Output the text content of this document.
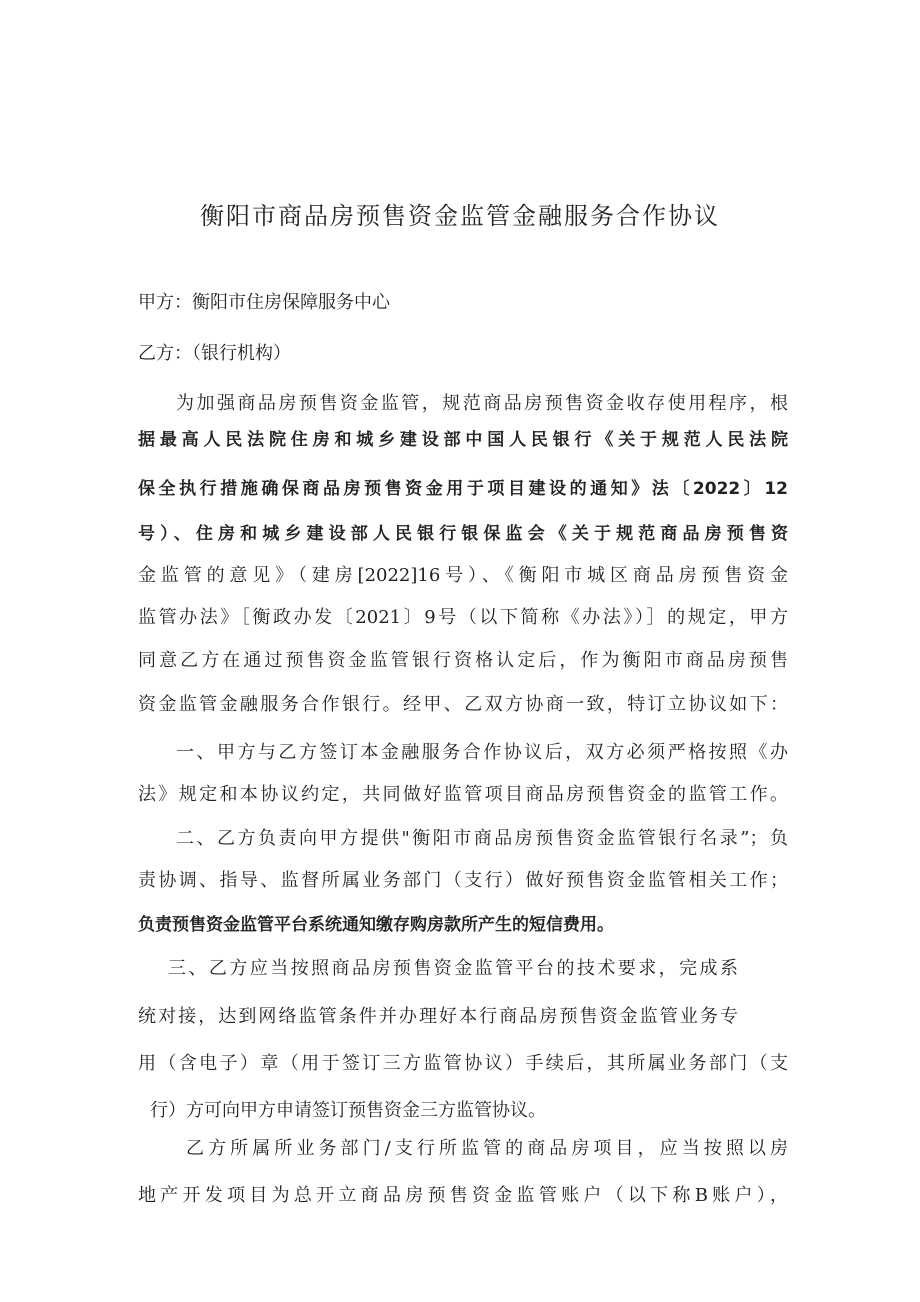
衡阳市商品房预售资金监管金融服务合作协议
甲方：衡阳市住房保障服务中心
乙方：（银行机构）
为加强商品房预售资金监管，规范商品房预售资金收存使用程序，根
据最高人民法院住房和城乡建设部中国人民银行《关于规范人民法院
保全执行措施确保商品房预售资金用于项目建设的通知》法〔2022〕12
号）、住房和城乡建设部人民银行银保监会《关于规范商品房预售资
金监管的意见》（建房[2022]16号）、《衡阳市城区商品房预售资金
监管办法》［衡政办发〔2021〕9号（以下简称《办法》）］的规定，甲方
同意乙方在通过预售资金监管银行资格认定后，作为衡阳市商品房预售
资金监管金融服务合作银行。经甲、乙双方协商一致，特订立协议如下：
一、甲方与乙方签订本金融服务合作协议后，双方必须严格按照《办
法》规定和本协议约定，共同做好监管项目商品房预售资金的监管工作。
二、乙方负责向甲方提供"衡阳市商品房预售资金监管银行名录”；负
责协调、指导、监督所属业务部门（支行）做好预售资金监管相关工作；
负责预售资金监管平台系统通知缴存购房款所产生的短信费用。
三、乙方应当按照商品房预售资金监管平台的技术要求，完成系
统对接，达到网络监管条件并办理好本行商品房预售资金监管业务专
用（含电子）章（用于签订三方监管协议）手续后，其所属业务部门（支
行）方可向甲方申请签订预售资金三方监管协议。
乙方所属所业务部门/支行所监管的商品房项目，应当按照以房
地产开发项目为总开立商品房预售资金监管账户（以下称B账户），
